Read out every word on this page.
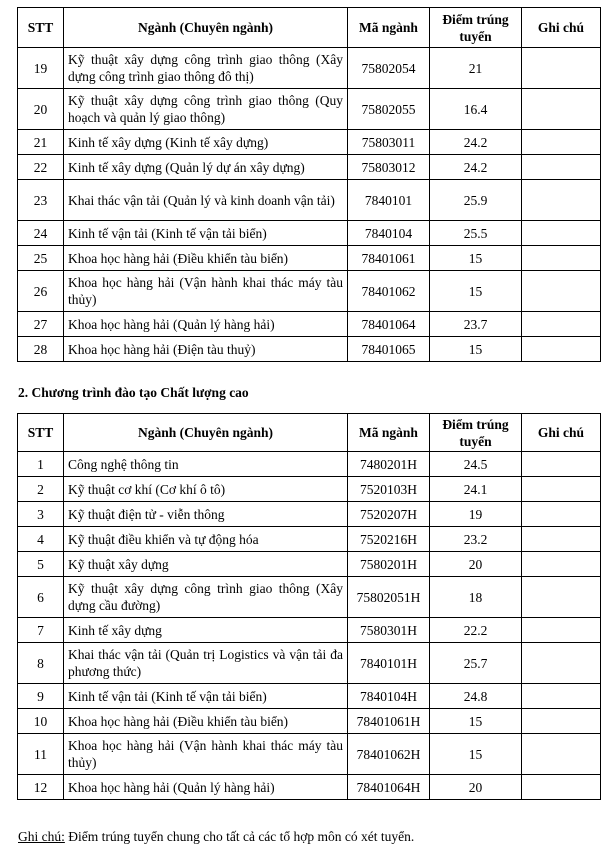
STT	Ngành (Chuyên ngành)	Mã ngành	Điểm trúng tuyển	Ghi chú
19	Kỹ thuật xây dựng công trình giao thông (Xây dựng công trình giao thông đô thị)	75802054	21	
20	Kỹ thuật xây dựng công trình giao thông (Quy hoạch và quản lý giao thông)	75802055	16.4	
21	Kinh tế xây dựng (Kinh tế xây dựng)	75803011	24.2	
22	Kinh tế xây dựng (Quản lý dự án xây dựng)	75803012	24.2	
23	Khai thác vận tải (Quản lý và kinh doanh vận tải)	7840101	25.9	
24	Kinh tế vận tải (Kinh tế vận tải biển)	7840104	25.5	
25	Khoa học hàng hải (Điều khiển tàu biển)	78401061	15	
26	Khoa học hàng hải (Vận hành khai thác máy tàu thủy)	78401062	15	
27	Khoa học hàng hải (Quản lý hàng hải)	78401064	23.7	
28	Khoa học hàng hải (Điện tàu thuỷ)	78401065	15	
2. Chương trình đào tạo Chất lượng cao
STT	Ngành (Chuyên ngành)	Mã ngành	Điểm trúng tuyển	Ghi chú
1	Công nghệ thông tin	7480201H	24.5	
2	Kỹ thuật cơ khí (Cơ khí ô tô)	7520103H	24.1	
3	Kỹ thuật điện tử - viễn thông	7520207H	19	
4	Kỹ thuật điều khiển và tự động hóa	7520216H	23.2	
5	Kỹ thuật xây dựng	7580201H	20	
6	Kỹ thuật xây dựng công trình giao thông (Xây dựng cầu đường)	75802051H	18	
7	Kinh tế xây dựng	7580301H	22.2	
8	Khai thác vận tải (Quản trị Logistics và vận tải đa phương thức)	7840101H	25.7	
9	Kinh tế vận tải (Kinh tế vận tải biển)	7840104H	24.8	
10	Khoa học hàng hải (Điều khiển tàu biển)	78401061H	15	
11	Khoa học hàng hải (Vận hành khai thác máy tàu thủy)	78401062H	15	
12	Khoa học hàng hải (Quản lý hàng hải)	78401064H	20	
Ghi chú: Điểm trúng tuyển chung cho tất cả các tổ hợp môn có xét tuyển.
